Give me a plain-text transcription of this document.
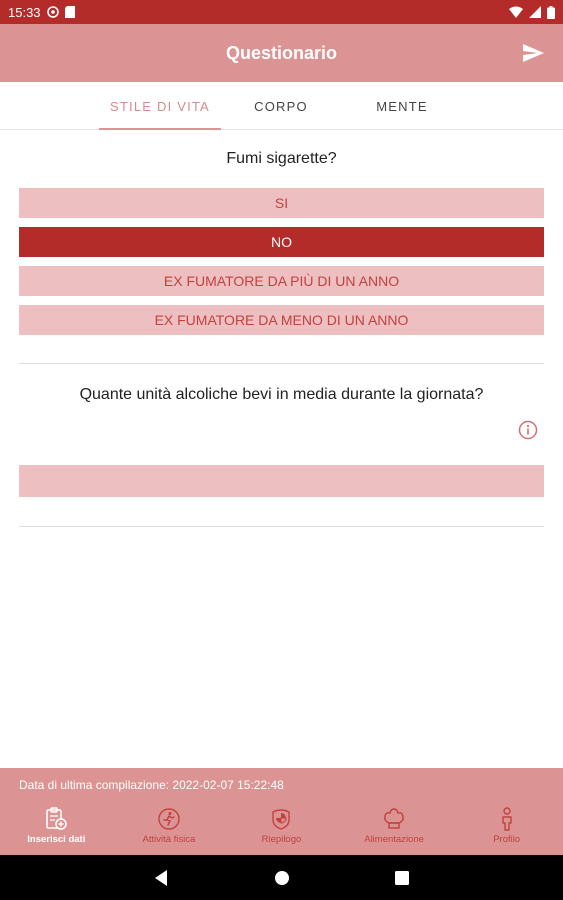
15:33
Questionario
STILE DI VITA	CORPO	MENTE
Fumi sigarette?
SI
NO
EX FUMATORE DA PIÙ DI UN ANNO
EX FUMATORE DA MENO DI UN ANNO
Quante unità alcoliche bevi in media durante la giornata?
Data di ultima compilazione: 2022-02-07 15:22:48
Inserisci dati	Attività fisica	Riepilogo	Alimentazione	Profilo
